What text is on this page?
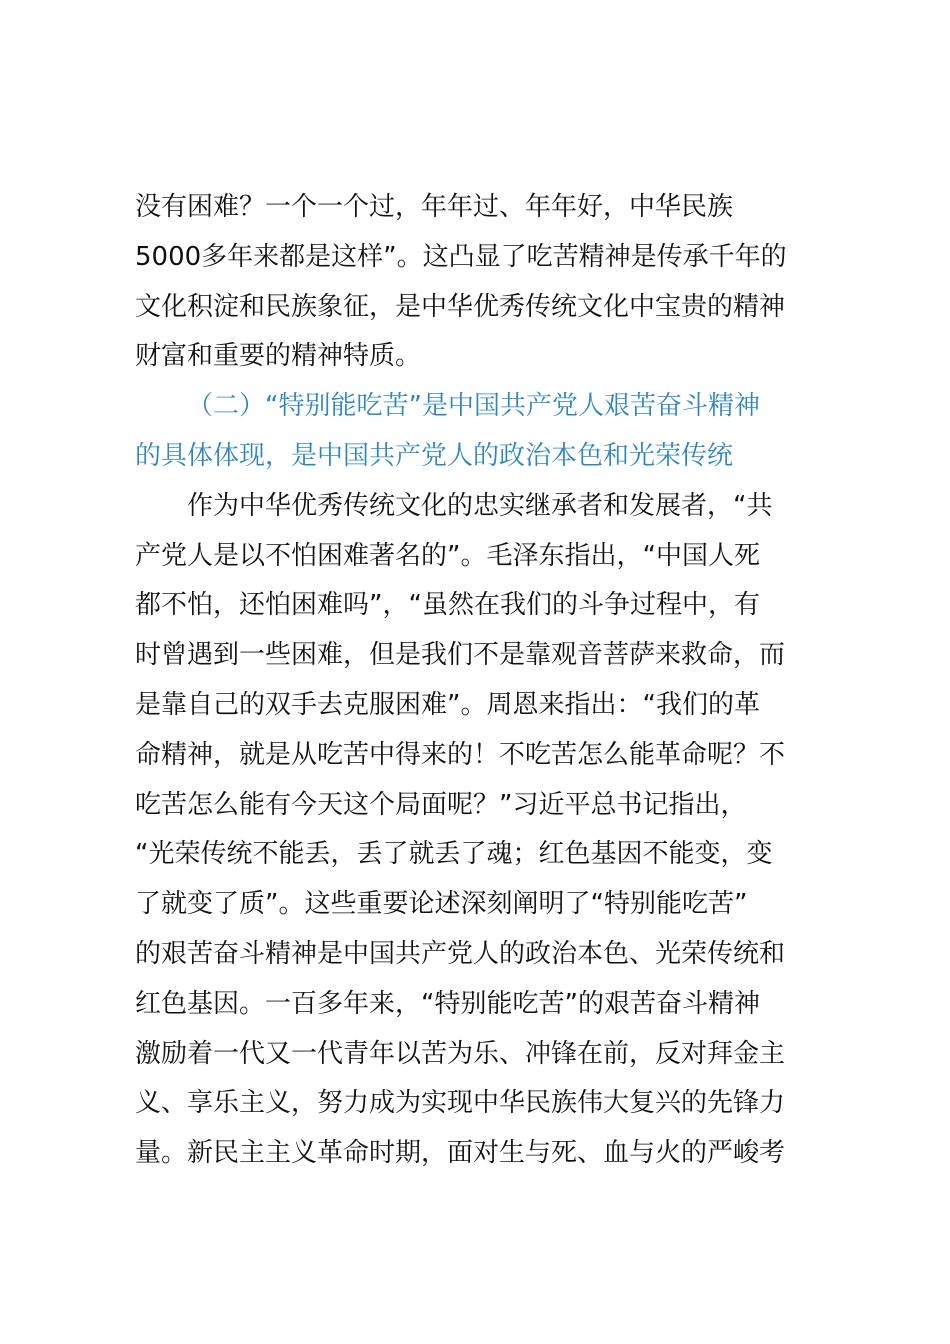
没有困难？一个一个过，年年过、年年好，中华民族
5000多年来都是这样”。这凸显了吃苦精神是传承千年的
文化积淀和民族象征，是中华优秀传统文化中宝贵的精神
财富和重要的精神特质。
（二）“特别能吃苦”是中国共产党人艰苦奋斗精神
的具体体现，是中国共产党人的政治本色和光荣传统
作为中华优秀传统文化的忠实继承者和发展者，“共
产党人是以不怕困难著名的”。毛泽东指出，“中国人死
都不怕，还怕困难吗”，“虽然在我们的斗争过程中，有
时曾遇到一些困难，但是我们不是靠观音菩萨来救命，而
是靠自己的双手去克服困难”。周恩来指出：“我们的革
命精神，就是从吃苦中得来的！不吃苦怎么能革命呢？不
吃苦怎么能有今天这个局面呢？”习近平总书记指出，
“光荣传统不能丢，丢了就丢了魂；红色基因不能变，变
了就变了质”。这些重要论述深刻阐明了“特别能吃苦”
的艰苦奋斗精神是中国共产党人的政治本色、光荣传统和
红色基因。一百多年来，“特别能吃苦”的艰苦奋斗精神
激励着一代又一代青年以苦为乐、冲锋在前，反对拜金主
义、享乐主义，努力成为实现中华民族伟大复兴的先锋力
量。新民主主义革命时期，面对生与死、血与火的严峻考
